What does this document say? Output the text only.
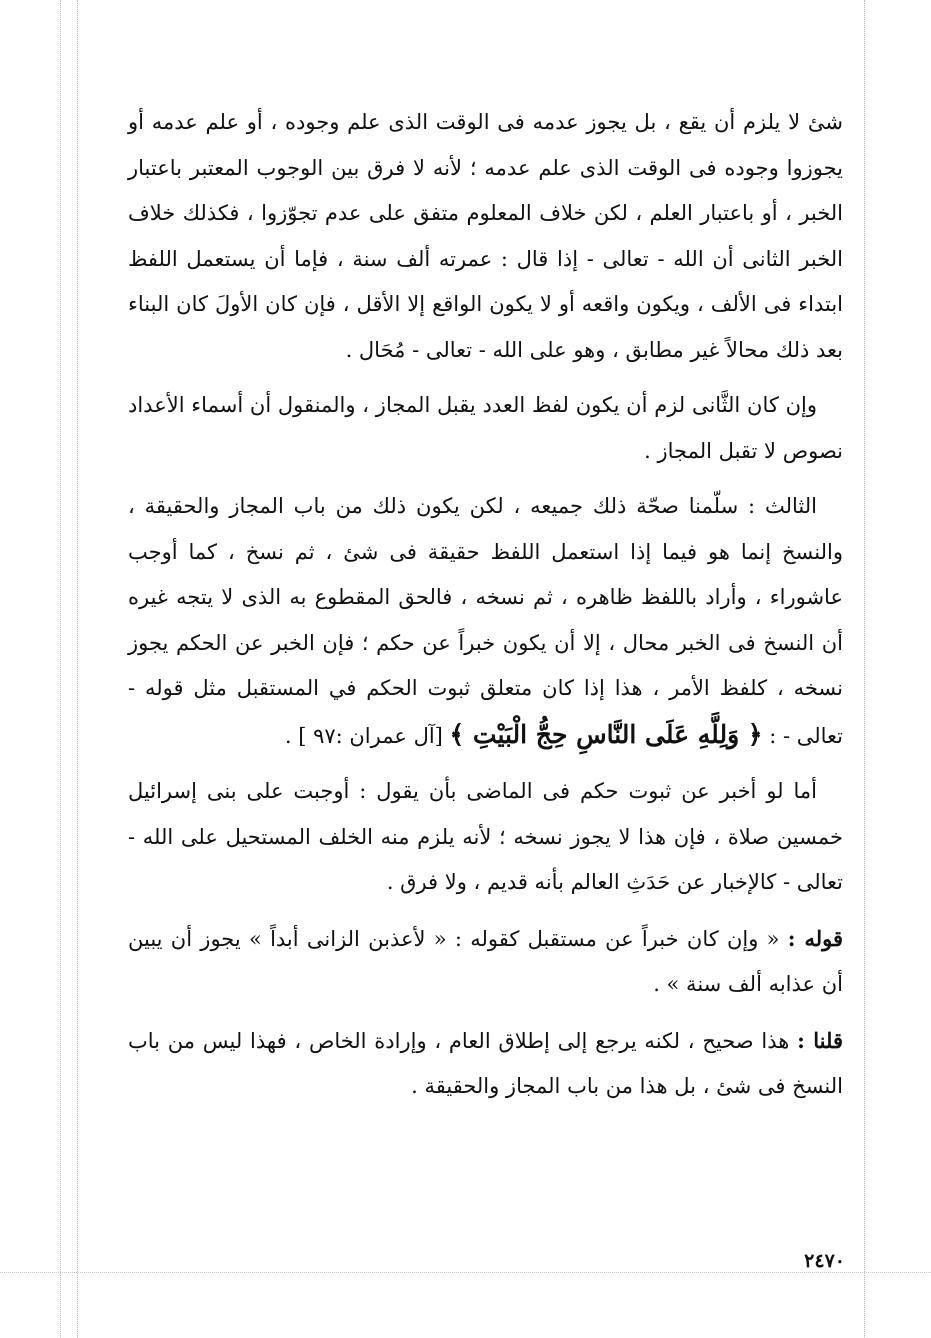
شئ لا يلزم أن يقع ، بل يجوز عدمه فى الوقت الذى علم وجوده ، أو علم عدمه أو يجوزوا وجوده فى الوقت الذى علم عدمه ؛ لأنه لا فرق بين الوجوب المعتبر باعتبار الخبر ، أو باعتبار العلم ، لكن خلاف المعلوم متفق على عدم تجوّزوا ، فكذلك خلاف الخبر الثانى أن الله - تعالى - إذا قال : عمرته ألف سنة ، فإما أن يستعمل اللفظ ابتداء فى الألف ، ويكون واقعه أو لا يكون الواقع إلا الأقل ، فإن كان الأولَ كان البناء بعد ذلك محالاً غير مطابق ، وهو على الله - تعالى - مُحَال .

وإن كان الثَّانى لزم أن يكون لفظ العدد يقبل المجاز ، والمنقول أن أسماء الأعداد نصوص لا تقبل المجاز .

الثالث : سلّمنا صحّة ذلك جميعه ، لكن يكون ذلك من باب المجاز والحقيقة ، والنسخ إنما هو فيما إذا استعمل اللفظ حقيقة فى شئ ، ثم نسخ ، كما أوجب عاشوراء ، وأراد باللفظ ظاهره ، ثم نسخه ، فالحق المقطوع به الذى لا يتجه غيره أن النسخ فى الخبر محال ، إلا أن يكون خبراً عن حكم ؛ فإن الخبر عن الحكم يجوز نسخه ، كلفظ الأمر ، هذا إذا كان متعلق ثبوت الحكم في المستقبل مثل قوله - تعالى - : ﴿ وَلِلَّهِ عَلَى النَّاسِ حِجُّ الْبَيْتِ ﴾ [آل عمران :٩٧ ] .

أما لو أخبر عن ثبوت حكم فى الماضى بأن يقول : أوجبت على بنى إسرائيل خمسين صلاة ، فإن هذا لا يجوز نسخه ؛ لأنه يلزم منه الخلف المستحيل على الله - تعالى - كالإخبار عن حَدَثِ العالم بأنه قديم ، ولا فرق .

قوله : « وإن كان خبراً عن مستقبل كقوله : « لأعذبن الزانى أبداً » يجوز أن يبين أن عذابه ألف سنة » .

قلنا : هذا صحيح ، لكنه يرجع إلى إطلاق العام ، وإرادة الخاص ، فهذا ليس من باب النسخ فى شئ ، بل هذا من باب المجاز والحقيقة .

٢٤٧٠
